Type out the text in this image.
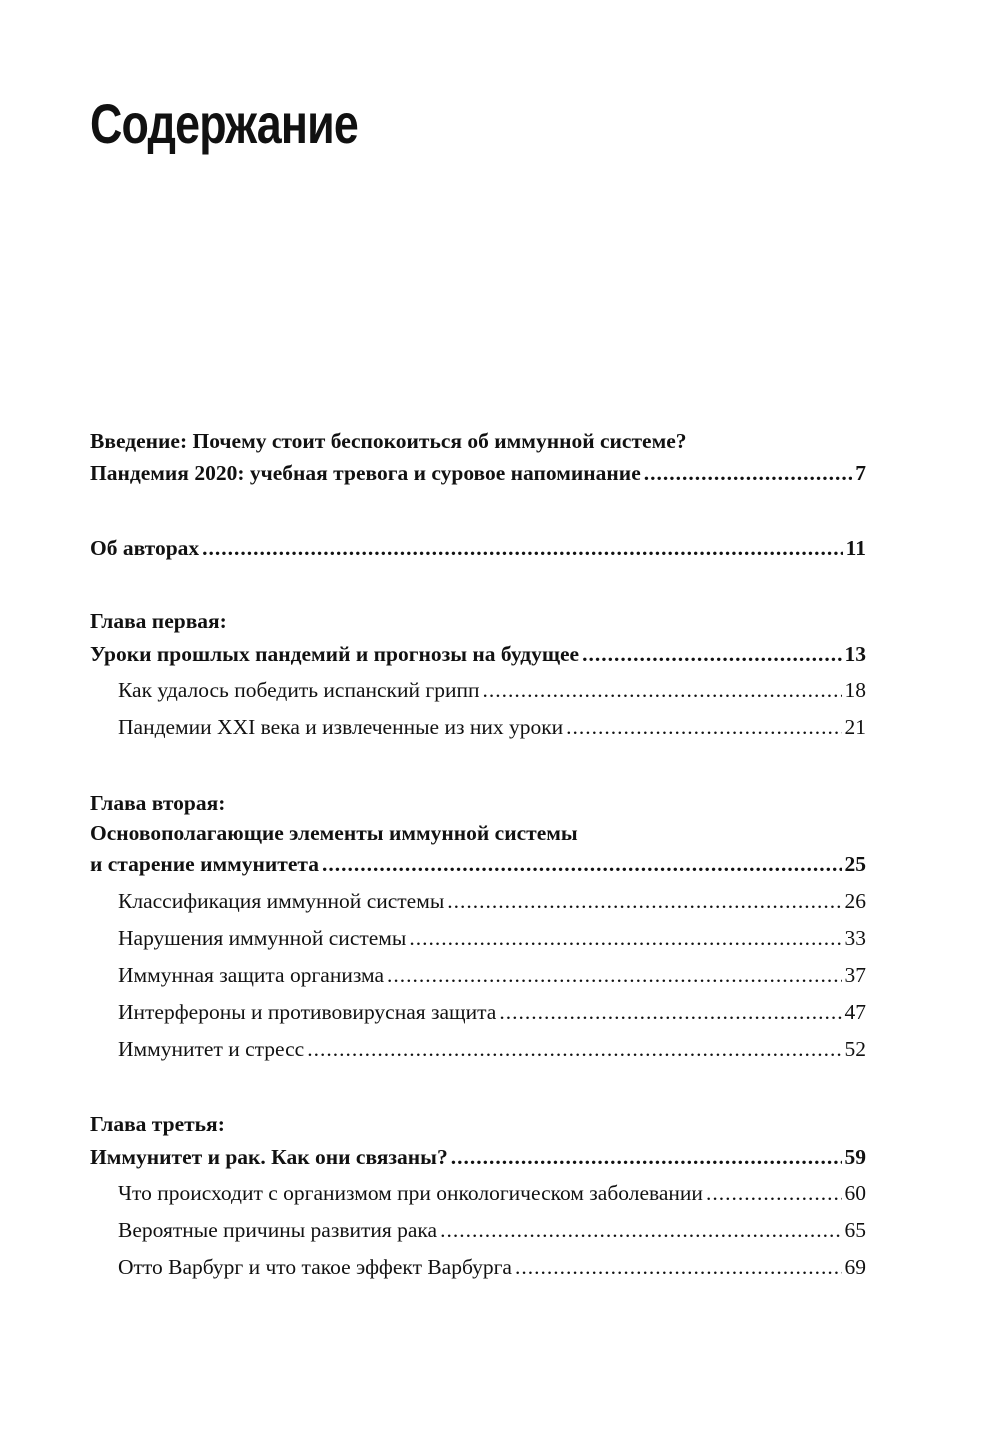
Содержание
Введение: Почему стоит беспокоиться об иммунной системе?
Пандемия 2020: учебная тревога и суровое напоминание .....	7
Об авторах .....	11
Глава первая:
Уроки прошлых пандемий и прогнозы на будущее .....	13
Как удалось победить испанский грипп .....	18
Пандемии XXI века и извлеченные из них уроки .....	21
Глава вторая:
Основополагающие элементы иммунной системы
и старение иммунитета .....	25
Классификация иммунной системы .....	26
Нарушения иммунной системы .....	33
Иммунная защита организма .....	37
Интерфероны и противовирусная защита .....	47
Иммунитет и стресс .....	52
Глава третья:
Иммунитет и рак. Как они связаны? .....	59
Что происходит с организмом при онкологическом заболевании .....	60
Вероятные причины развития рака .....	65
Отто Варбург и что такое эффект Варбурга .....	69
